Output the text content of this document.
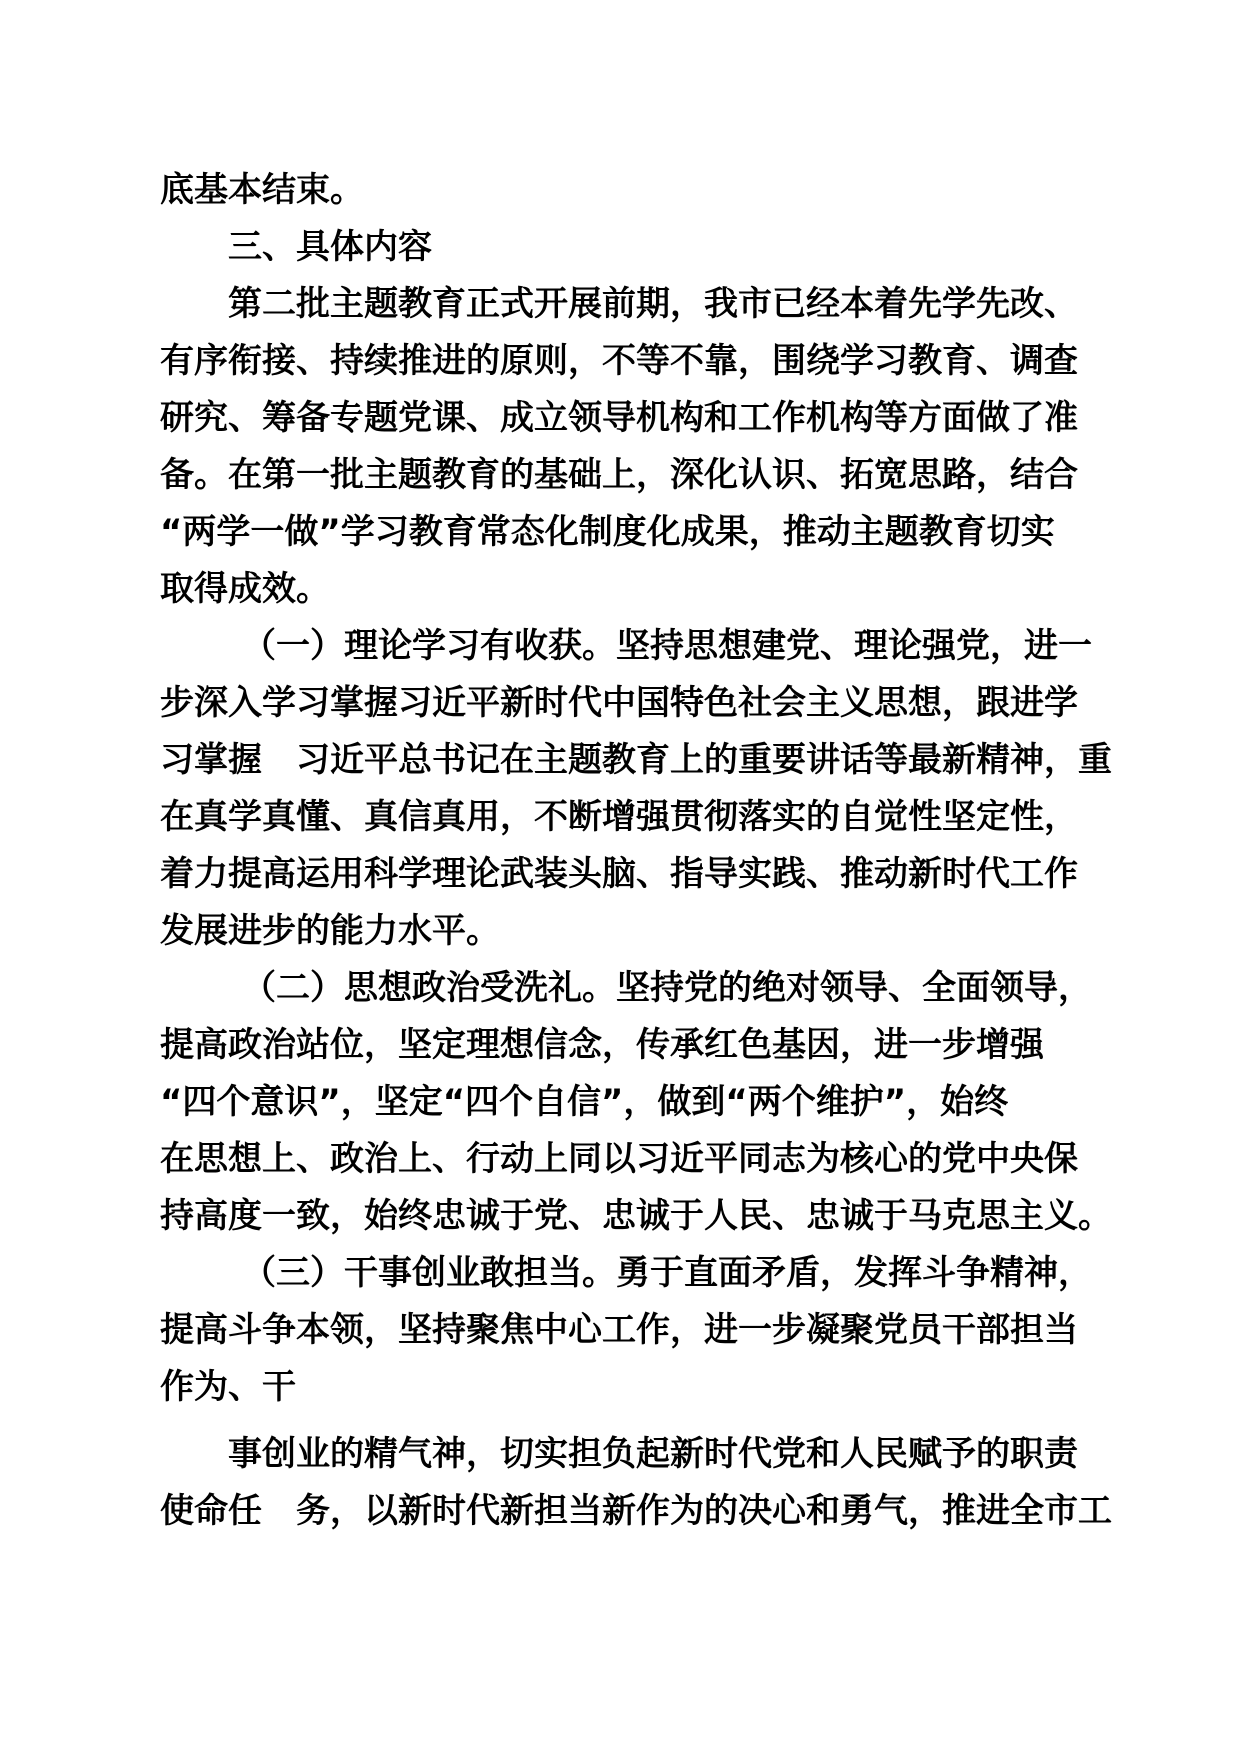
底基本结束。
三、具体内容
第二批主题教育正式开展前期，我市已经本着先学先改、
有序衔接、持续推进的原则，不等不靠，围绕学习教育、调查
研究、筹备专题党课、成立领导机构和工作机构等方面做了准
备。在第一批主题教育的基础上，深化认识、拓宽思路，结合
“两学一做”学习教育常态化制度化成果，推动主题教育切实
取得成效。
（一）理论学习有收获。坚持思想建党、理论强党，进一
步深入学习掌握习近平新时代中国特色社会主义思想，跟进学
习掌握　习近平总书记在主题教育上的重要讲话等最新精神，重
在真学真懂、真信真用，不断增强贯彻落实的自觉性坚定性，
着力提高运用科学理论武装头脑、指导实践、推动新时代工作
发展进步的能力水平。
（二）思想政治受洗礼。坚持党的绝对领导、全面领导，
提高政治站位，坚定理想信念，传承红色基因，进一步增强
“四个意识”，坚定“四个自信”，做到“两个维护”，始终
在思想上、政治上、行动上同以习近平同志为核心的党中央保
持高度一致，始终忠诚于党、忠诚于人民、忠诚于马克思主义。
（三）干事创业敢担当。勇于直面矛盾，发挥斗争精神，
提高斗争本领，坚持聚焦中心工作，进一步凝聚党员干部担当
作为、干
事创业的精气神，切实担负起新时代党和人民赋予的职责
使命任　务，以新时代新担当新作为的决心和勇气，推进全市工
